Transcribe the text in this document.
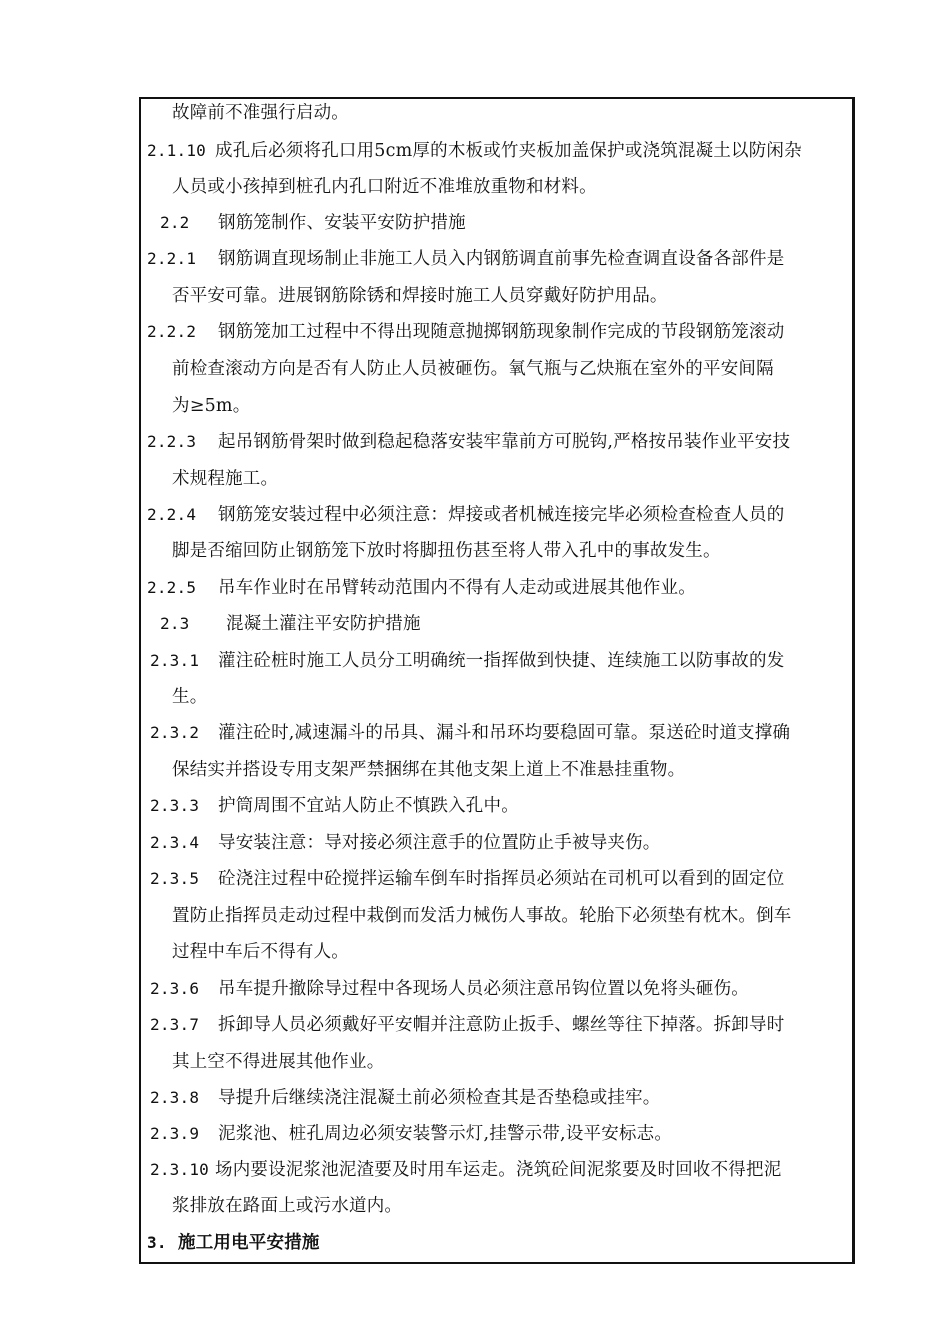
故障前不准强行启动。
2.1.10 成孔后必须将孔口用5cm厚的木板或竹夹板加盖保护或浇筑混凝土以防闲杂
人员或小孩掉到桩孔内孔口附近不准堆放重物和材料。
2.2 钢筋笼制作、安装平安防护措施
2.2.1 钢筋调直现场制止非施工人员入内钢筋调直前事先检查调直设备各部件是
否平安可靠。进展钢筋除锈和焊接时施工人员穿戴好防护用品。
2.2.2 钢筋笼加工过程中不得出现随意抛掷钢筋现象制作完成的节段钢筋笼滚动
前检查滚动方向是否有人防止人员被砸伤。氧气瓶与乙炔瓶在室外的平安间隔
为≥5m。
2.2.3 起吊钢筋骨架时做到稳起稳落安装牢靠前方可脱钩,严格按吊装作业平安技
术规程施工。
2.2.4 钢筋笼安装过程中必须注意：焊接或者机械连接完毕必须检查检查人员的
脚是否缩回防止钢筋笼下放时将脚扭伤甚至将人带入孔中的事故发生。
2.2.5 吊车作业时在吊臂转动范围内不得有人走动或进展其他作业。
2.3 混凝土灌注平安防护措施
2.3.1 灌注砼桩时施工人员分工明确统一指挥做到快捷、连续施工以防事故的发
生。
2.3.2 灌注砼时,减速漏斗的吊具、漏斗和吊环均要稳固可靠。泵送砼时道支撑确
保结实并搭设专用支架严禁捆绑在其他支架上道上不准悬挂重物。
2.3.3 护筒周围不宜站人防止不慎跌入孔中。
2.3.4 导安装注意：导对接必须注意手的位置防止手被导夹伤。
2.3.5 砼浇注过程中砼搅拌运输车倒车时指挥员必须站在司机可以看到的固定位
置防止指挥员走动过程中栽倒而发活力械伤人事故。轮胎下必须垫有枕木。倒车
过程中车后不得有人。
2.3.6 吊车提升撤除导过程中各现场人员必须注意吊钩位置以免将头砸伤。
2.3.7 拆卸导人员必须戴好平安帽并注意防止扳手、螺丝等往下掉落。拆卸导时
其上空不得进展其他作业。
2.3.8 导提升后继续浇注混凝土前必须检查其是否垫稳或挂牢。
2.3.9 泥浆池、桩孔周边必须安装警示灯,挂警示带,设平安标志。
2.3.10 场内要设泥浆池泥渣要及时用车运走。浇筑砼间泥浆要及时回收不得把泥
浆排放在路面上或污水道内。
3. 施工用电平安措施
